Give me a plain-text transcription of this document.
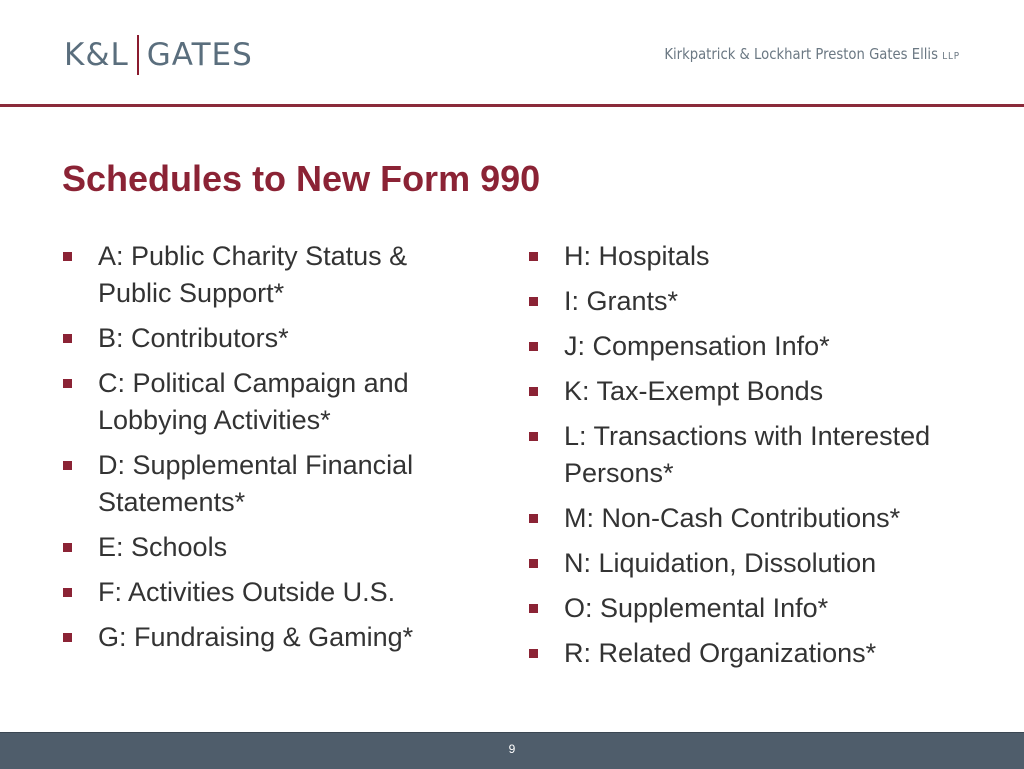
K&L GATES	Kirkpatrick & Lockhart Preston Gates Ellis LLP
Schedules to New Form 990
A: Public Charity Status & Public Support*
B: Contributors*
C: Political Campaign and Lobbying Activities*
D: Supplemental Financial Statements*
E: Schools
F: Activities Outside U.S.
G: Fundraising & Gaming*
H: Hospitals
I: Grants*
J: Compensation Info*
K: Tax-Exempt Bonds
L: Transactions with Interested Persons*
M: Non-Cash Contributions*
N: Liquidation, Dissolution
O: Supplemental Info*
R: Related Organizations*
9
